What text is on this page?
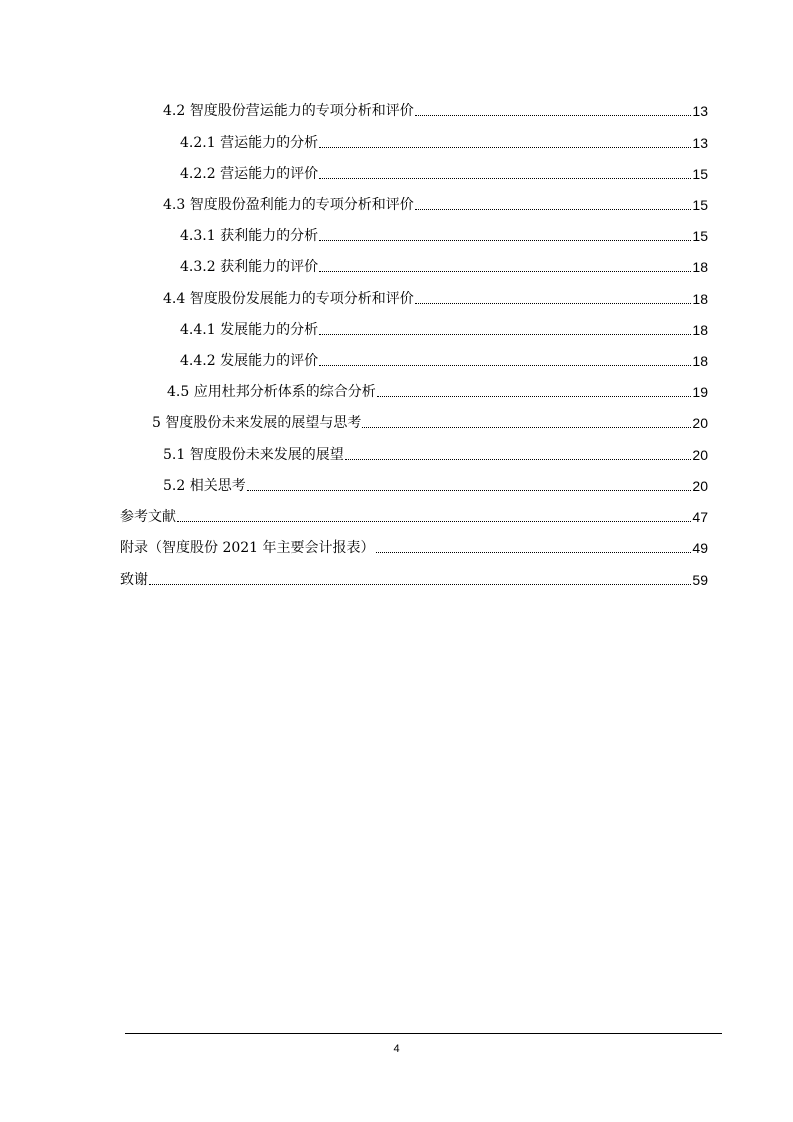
4.2 智度股份营运能力的专项分析和评价	13
4.2.1 营运能力的分析	13
4.2.2 营运能力的评价	15
4.3 智度股份盈利能力的专项分析和评价	15
4.3.1 获利能力的分析	15
4.3.2 获利能力的评价	18
4.4 智度股份发展能力的专项分析和评价	18
4.4.1 发展能力的分析	18
4.4.2 发展能力的评价	18
4.5 应用杜邦分析体系的综合分析	19
5 智度股份未来发展的展望与思考	20
5.1 智度股份未来发展的展望	20
5.2 相关思考	20
参考文献	47
附录（智度股份 2021 年主要会计报表）	49
致谢	59
4
